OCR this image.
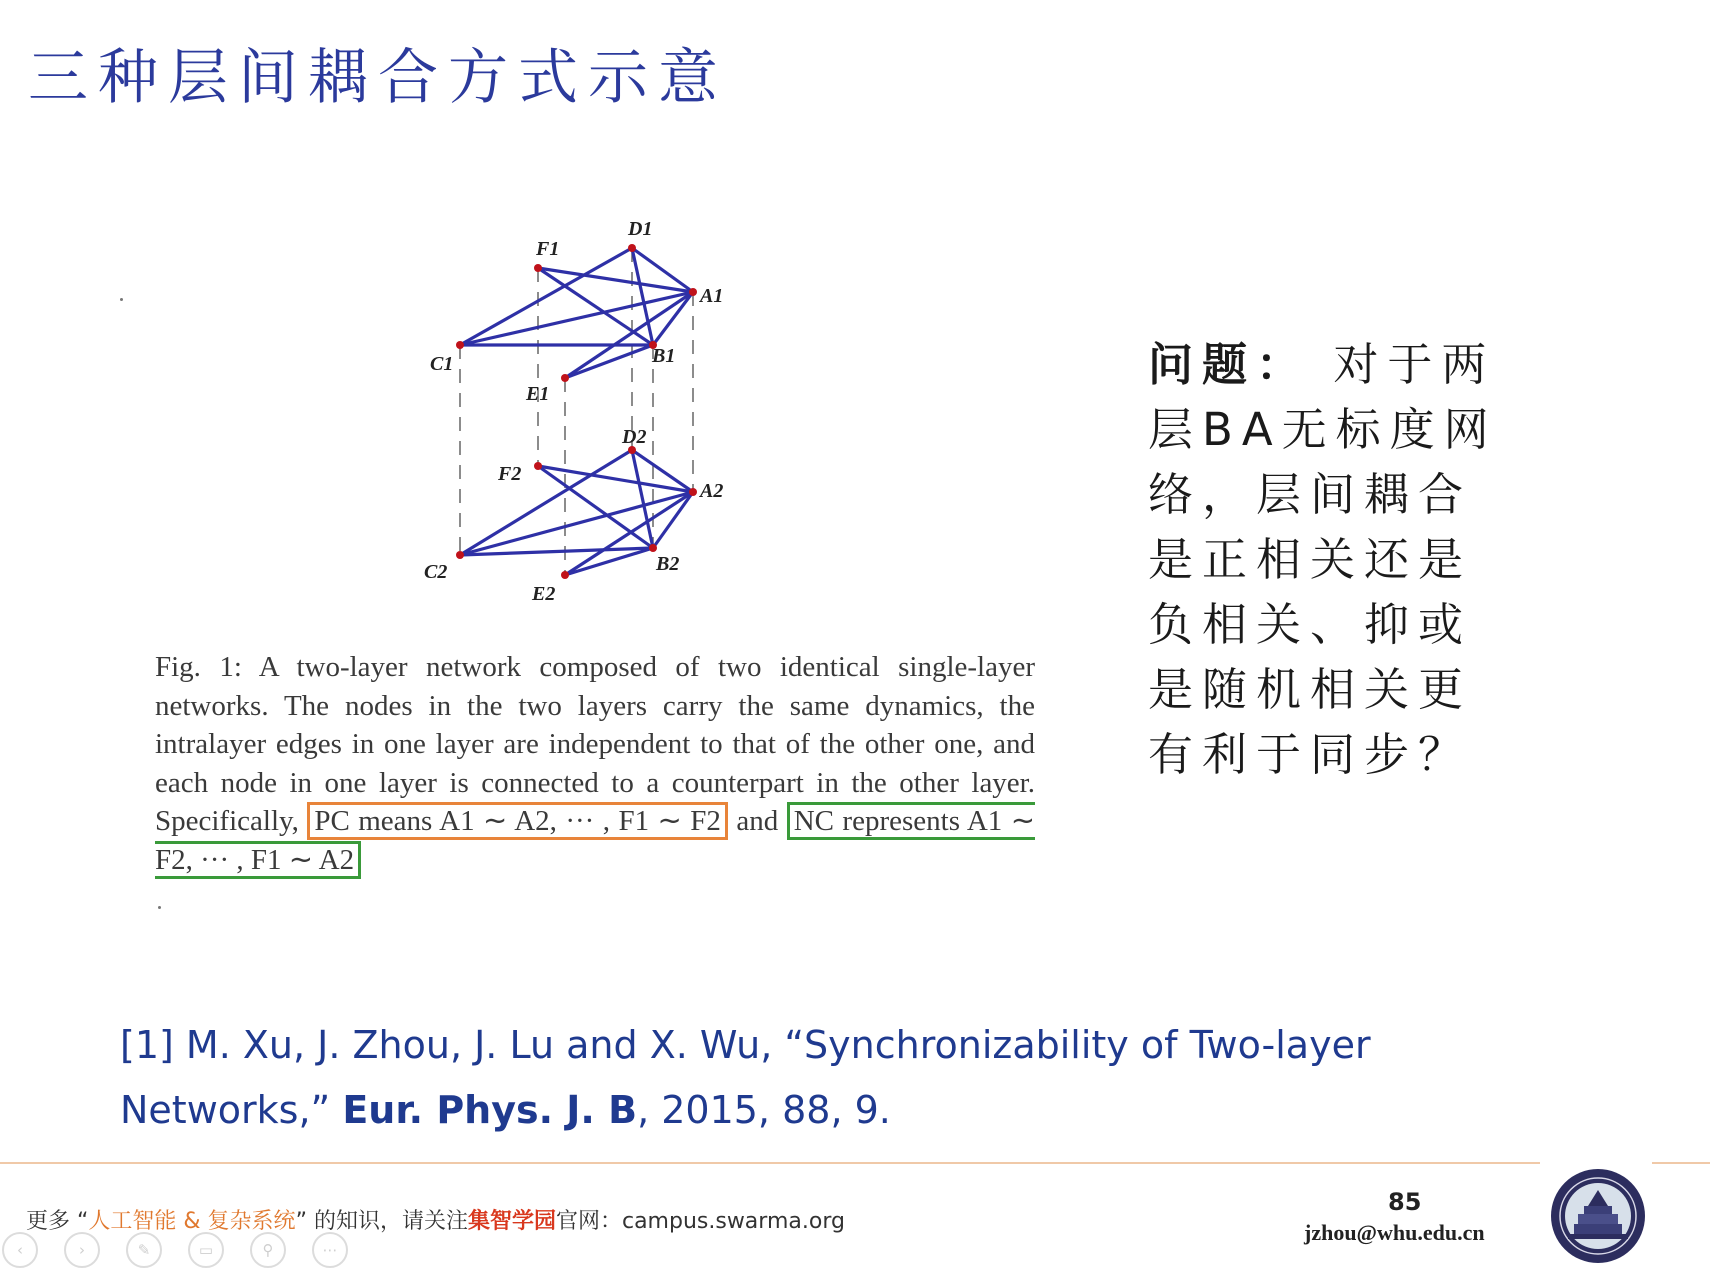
三种层间耦合方式示意
D1
F1
A1
C1	B1
E1
D2
F2
A2
C2	B2
E2

Fig. 1: A two-layer network composed of two identical single-layer networks. The nodes in the two layers carry the same dynamics, the intralayer edges in one layer are independent to that of the other one, and each node in one layer is connected to a counterpart in the other layer. Specifically, PC means A1 ∼ A2, ··· , F1 ∼ F2 and NC represents A1 ∼ F2, ··· , F1 ∼ A2

问题： 对于两层BA无标度网络，层间耦合是正相关还是负相关、抑或是随机相关更有利于同步？

[1] M. Xu, J. Zhou, J. Lu and X. Wu, “Synchronizability of Two-layer Networks,” Eur. Phys. J. B, 2015, 88, 9.

更多 “人工智能 & 复杂系统” 的知识，请关注集智学园官网：campus.swarma.org
85
jzhou@whu.edu.cn
‹	›	✎	▭	⚲	⋯
